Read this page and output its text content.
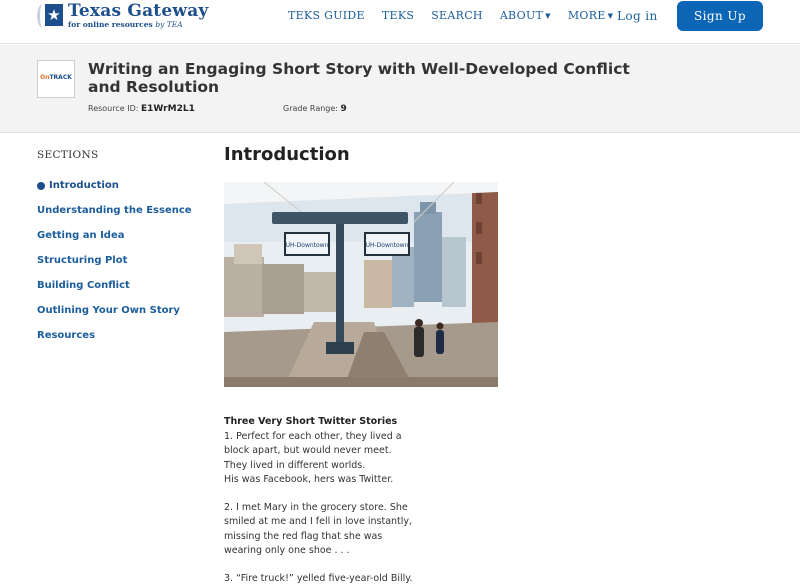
★ Texas Gateway
for online resources by TEA
TEKS GUIDE TEKS SEARCH ABOUT ▼ MORE ▼ Log in	Sign Up
OnTRACK
Writing an Engaging Short Story with Well-Developed Conflict and Resolution
Resource ID: E1WrM2L1	Grade Range: 9
SECTIONS
Introduction
Understanding the Essence
Getting an Idea
Structuring Plot
Building Conflict
Outlining Your Own Story
Resources
Introduction
UH-Downtown	UH-Downtown
Three Very Short Twitter Stories

1. Perfect for each other, they lived a
block apart, but would never meet.
They lived in different worlds.
His was Facebook, hers was Twitter.

2. I met Mary in the grocery store. She
smiled at me and I fell in love instantly,
missing the red flag that she was
wearing only one shoe . . .

3. “Fire truck!” yelled five-year-old Billy.
